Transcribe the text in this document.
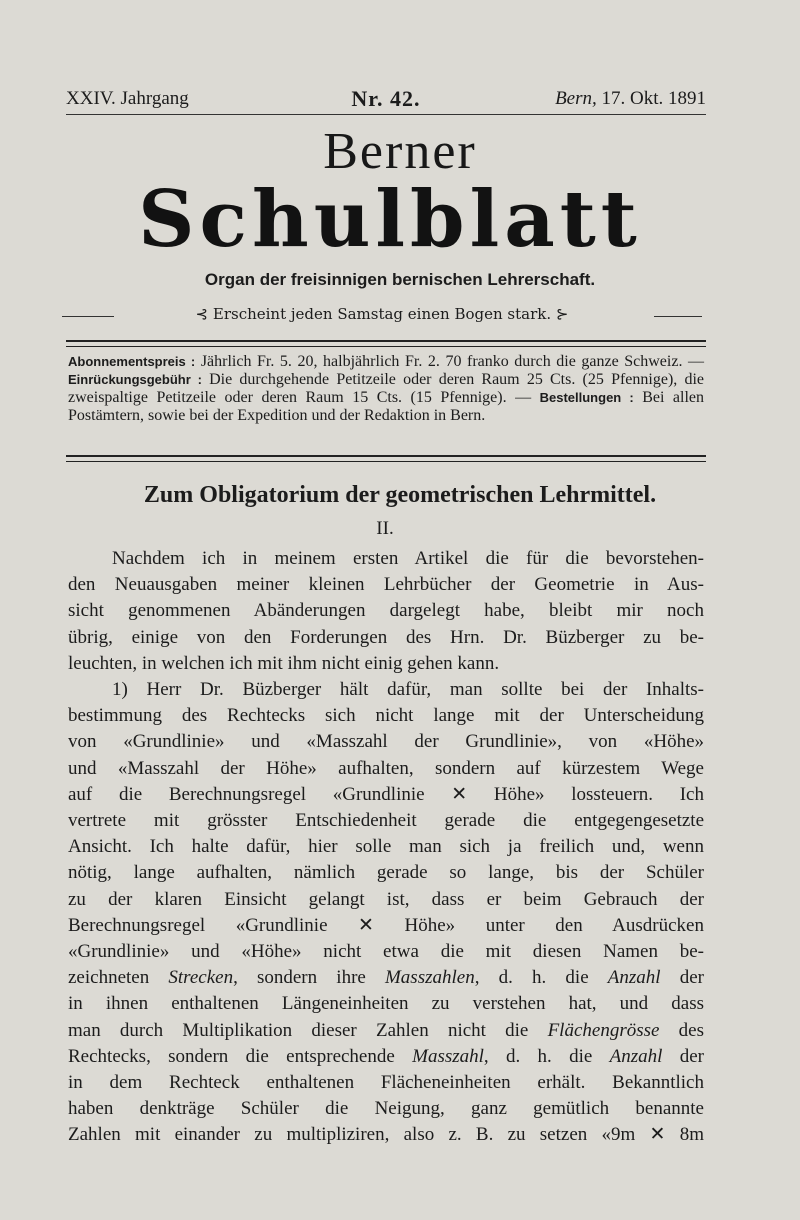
XXIV. Jahrgang	Nr. 42.	Bern, 17. Okt. 1891
Berner
Schulblatt
Organ der freisinnigen bernischen Lehrerschaft.
⊰ Erscheint jeden Samstag einen Bogen stark. ⊱
Abonnementspreis : Jährlich Fr. 5. 20, halbjährlich Fr. 2. 70 franko durch die ganze Schweiz. — Einrückungsgebühr : Die durchgehende Petitzeile oder deren Raum 25 Cts. (25 Pfennige), die zweispaltige Petitzeile oder deren Raum 15 Cts. (15 Pfennige). — Bestellungen : Bei allen Postämtern, sowie bei der Expedition und der Redaktion in Bern.
Zum Obligatorium der geometrischen Lehrmittel.
II.
Nachdem ich in meinem ersten Artikel die für die bevorstehen-
den Neuausgaben meiner kleinen Lehrbücher der Geometrie in Aus-
sicht genommenen Abänderungen dargelegt habe, bleibt mir noch
übrig, einige von den Forderungen des Hrn. Dr. Büzberger zu be-
leuchten, in welchen ich mit ihm nicht einig gehen kann.
1) Herr Dr. Büzberger hält dafür, man sollte bei der Inhalts-
bestimmung des Rechtecks sich nicht lange mit der Unterscheidung
von «Grundlinie» und «Masszahl der Grundlinie», von «Höhe»
und «Masszahl der Höhe» aufhalten, sondern auf kürzestem Wege
auf die Berechnungsregel «Grundlinie ✕ Höhe» lossteuern. Ich
vertrete mit grösster Entschiedenheit gerade die entgegengesetzte
Ansicht. Ich halte dafür, hier solle man sich ja freilich und, wenn
nötig, lange aufhalten, nämlich gerade so lange, bis der Schüler
zu der klaren Einsicht gelangt ist, dass er beim Gebrauch der
Berechnungsregel «Grundlinie ✕ Höhe» unter den Ausdrücken
«Grundlinie» und «Höhe» nicht etwa die mit diesen Namen be-
zeichneten Strecken, sondern ihre Masszahlen, d. h. die Anzahl der
in ihnen enthaltenen Längeneinheiten zu verstehen hat, und dass
man durch Multiplikation dieser Zahlen nicht die Flächengrösse des
Rechtecks, sondern die entsprechende Masszahl, d. h. die Anzahl der
in dem Rechteck enthaltenen Flächeneinheiten erhält. Bekanntlich
haben denkträge Schüler die Neigung, ganz gemütlich benannte
Zahlen mit einander zu multipliziren, also z. B. zu setzen «9m ✕ 8m
